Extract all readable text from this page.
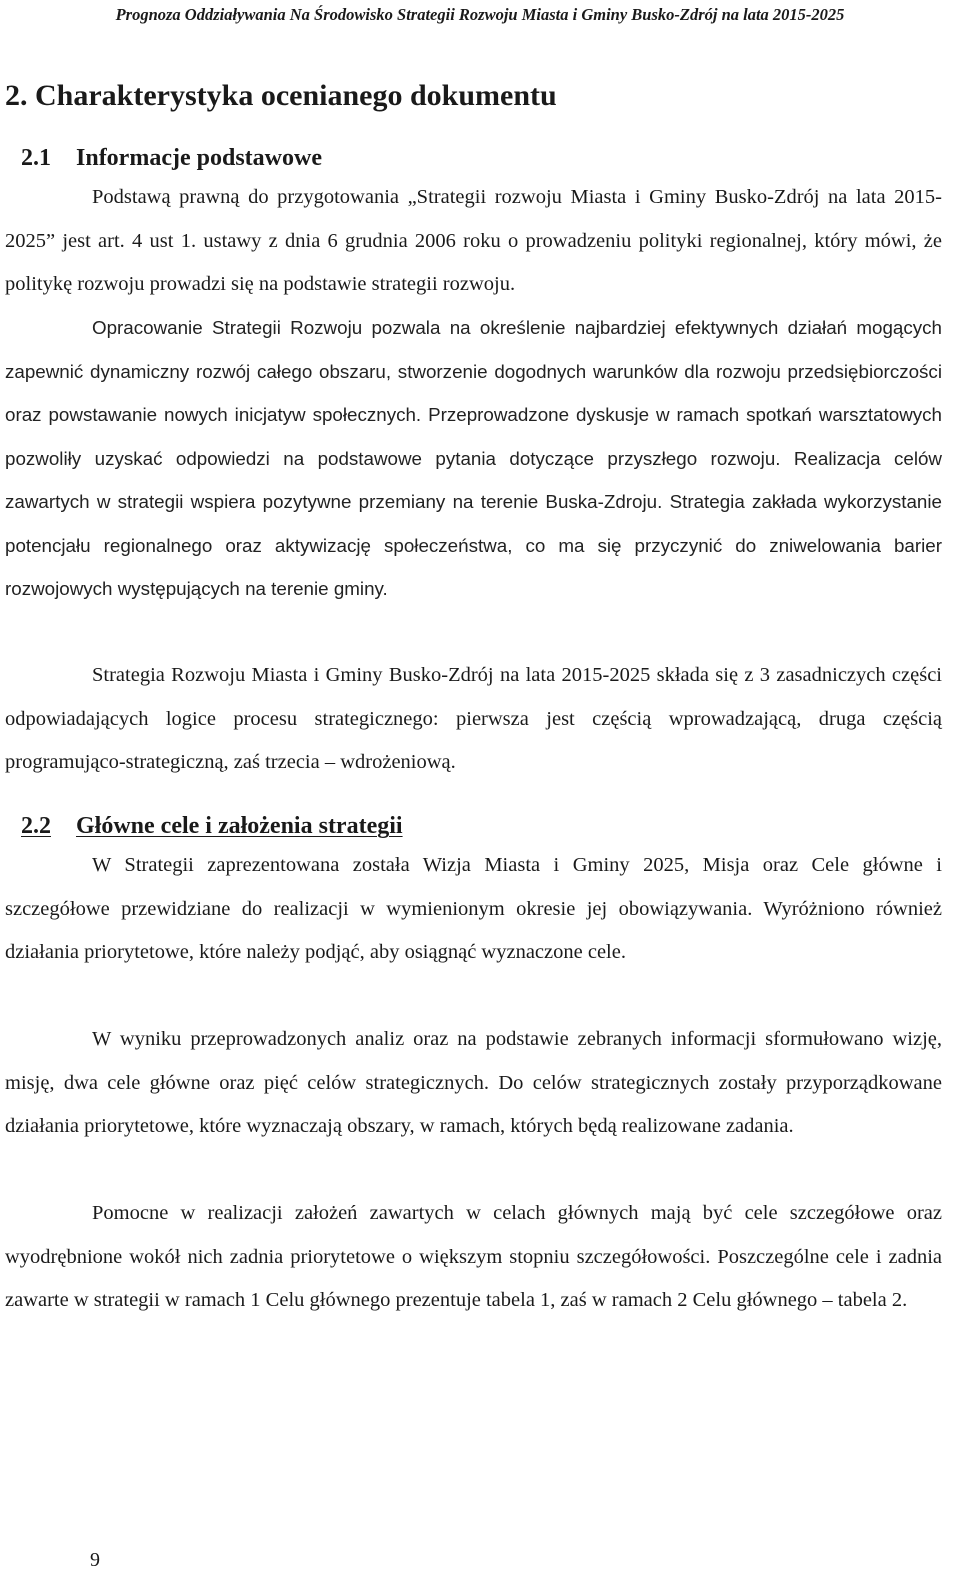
Prognoza Oddziaływania Na Środowisko Strategii Rozwoju Miasta i Gminy Busko-Zdrój na lata 2015-2025
2. Charakterystyka ocenianego dokumentu
2.1 Informacje podstawowe

Podstawą prawną do przygotowania „Strategii rozwoju Miasta i Gminy Busko-Zdrój na lata 2015-2025” jest art. 4 ust 1. ustawy z dnia 6 grudnia 2006 roku o prowadzeniu polityki regionalnej, który mówi, że politykę rozwoju prowadzi się na podstawie strategii rozwoju.

Opracowanie Strategii Rozwoju pozwala na określenie najbardziej efektywnych działań mogących zapewnić dynamiczny rozwój całego obszaru, stworzenie dogodnych warunków dla rozwoju przedsiębiorczości oraz powstawanie nowych inicjatyw społecznych. Przeprowadzone dyskusje w ramach spotkań warsztatowych pozwoliły uzyskać odpowiedzi na podstawowe pytania dotyczące przyszłego rozwoju. Realizacja celów zawartych w strategii wspiera pozytywne przemiany na terenie Buska-Zdroju. Strategia zakłada wykorzystanie potencjału regionalnego oraz aktywizację społeczeństwa, co ma się przyczynić do zniwelowania barier rozwojowych występujących na terenie gminy.

Strategia Rozwoju Miasta i Gminy Busko-Zdrój na lata 2015-2025 składa się z 3 zasadniczych części odpowiadających logice procesu strategicznego: pierwsza jest częścią wprowadzającą, druga częścią programująco-strategiczną, zaś trzecia – wdrożeniową.

2.2 Główne cele i założenia strategii

W Strategii zaprezentowana została Wizja Miasta i Gminy 2025, Misja oraz Cele główne i szczegółowe przewidziane do realizacji w wymienionym okresie jej obowiązywania. Wyróżniono również działania priorytetowe, które należy podjąć, aby osiągnąć wyznaczone cele.

W wyniku przeprowadzonych analiz oraz na podstawie zebranych informacji sformułowano wizję, misję, dwa cele główne oraz pięć celów strategicznych. Do celów strategicznych zostały przyporządkowane działania priorytetowe, które wyznaczają obszary, w ramach, których będą realizowane zadania.

Pomocne w realizacji założeń zawartych w celach głównych mają być cele szczegółowe oraz wyodrębnione wokół nich zadnia priorytetowe o większym stopniu szczegółowości. Poszczególne cele i zadnia zawarte w strategii w ramach 1 Celu głównego prezentuje tabela 1, zaś w ramach 2 Celu głównego – tabela 2.

9
